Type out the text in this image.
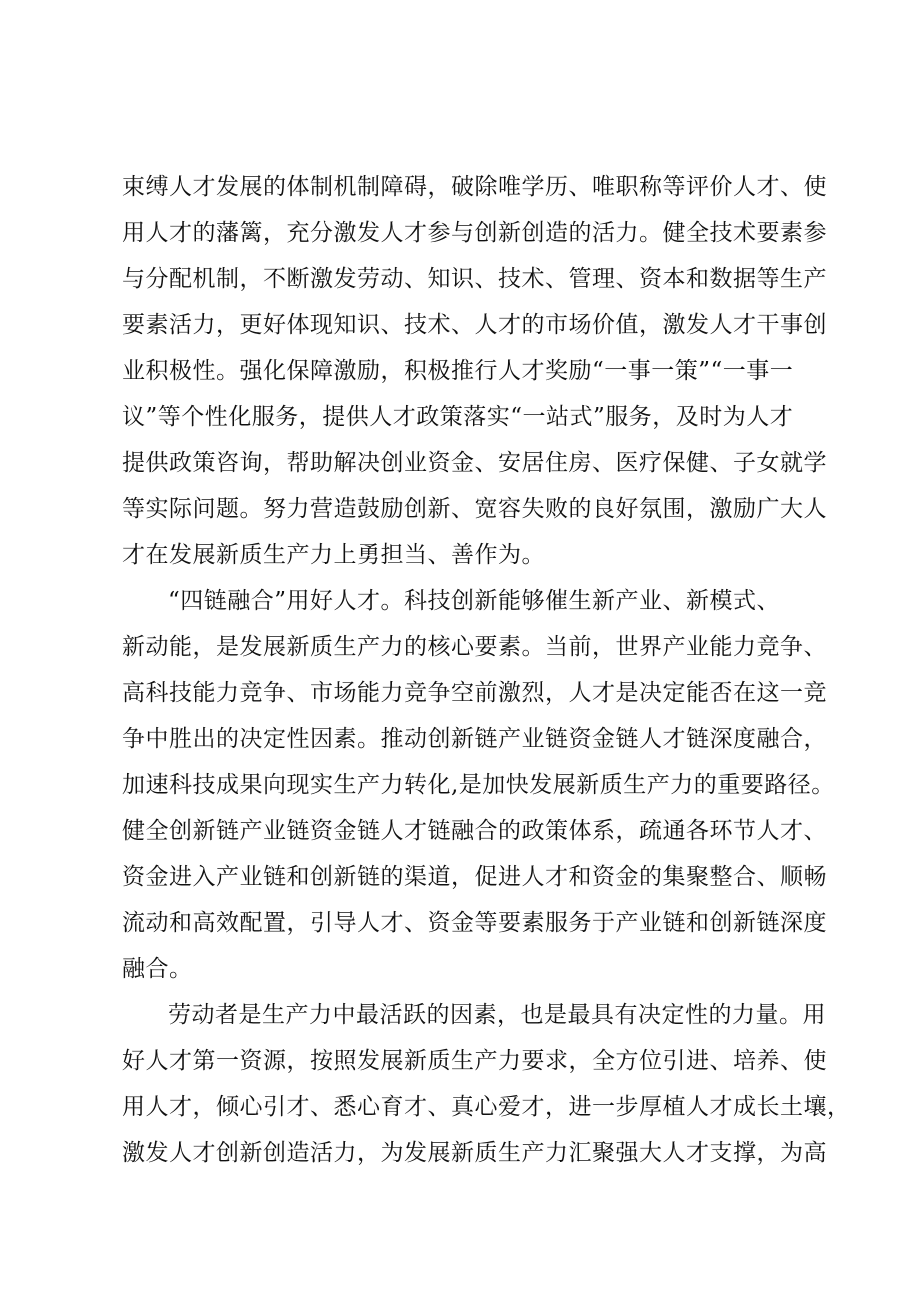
束缚人才发展的体制机制障碍，破除唯学历、唯职称等评价人才、使
用人才的藩篱，充分激发人才参与创新创造的活力。健全技术要素参
与分配机制，不断激发劳动、知识、技术、管理、资本和数据等生产
要素活力，更好体现知识、技术、人才的市场价值，激发人才干事创
业积极性。强化保障激励，积极推行人才奖励“一事一策”“一事一
议”等个性化服务，提供人才政策落实“一站式”服务，及时为人才
提供政策咨询，帮助解决创业资金、安居住房、医疗保健、子女就学
等实际问题。努力营造鼓励创新、宽容失败的良好氛围，激励广大人
才在发展新质生产力上勇担当、善作为。
“四链融合”用好人才。科技创新能够催生新产业、新模式、
新动能，是发展新质生产力的核心要素。当前，世界产业能力竞争、
高科技能力竞争、市场能力竞争空前激烈，人才是决定能否在这一竞
争中胜出的决定性因素。推动创新链产业链资金链人才链深度融合，
加速科技成果向现实生产力转化,是加快发展新质生产力的重要路径。
健全创新链产业链资金链人才链融合的政策体系，疏通各环节人才、
资金进入产业链和创新链的渠道，促进人才和资金的集聚整合、顺畅
流动和高效配置，引导人才、资金等要素服务于产业链和创新链深度
融合。
劳动者是生产力中最活跃的因素，也是最具有决定性的力量。用
好人才第一资源，按照发展新质生产力要求，全方位引进、培养、使
用人才，倾心引才、悉心育才、真心爱才，进一步厚植人才成长土壤，
激发人才创新创造活力，为发展新质生产力汇聚强大人才支撑，为高
